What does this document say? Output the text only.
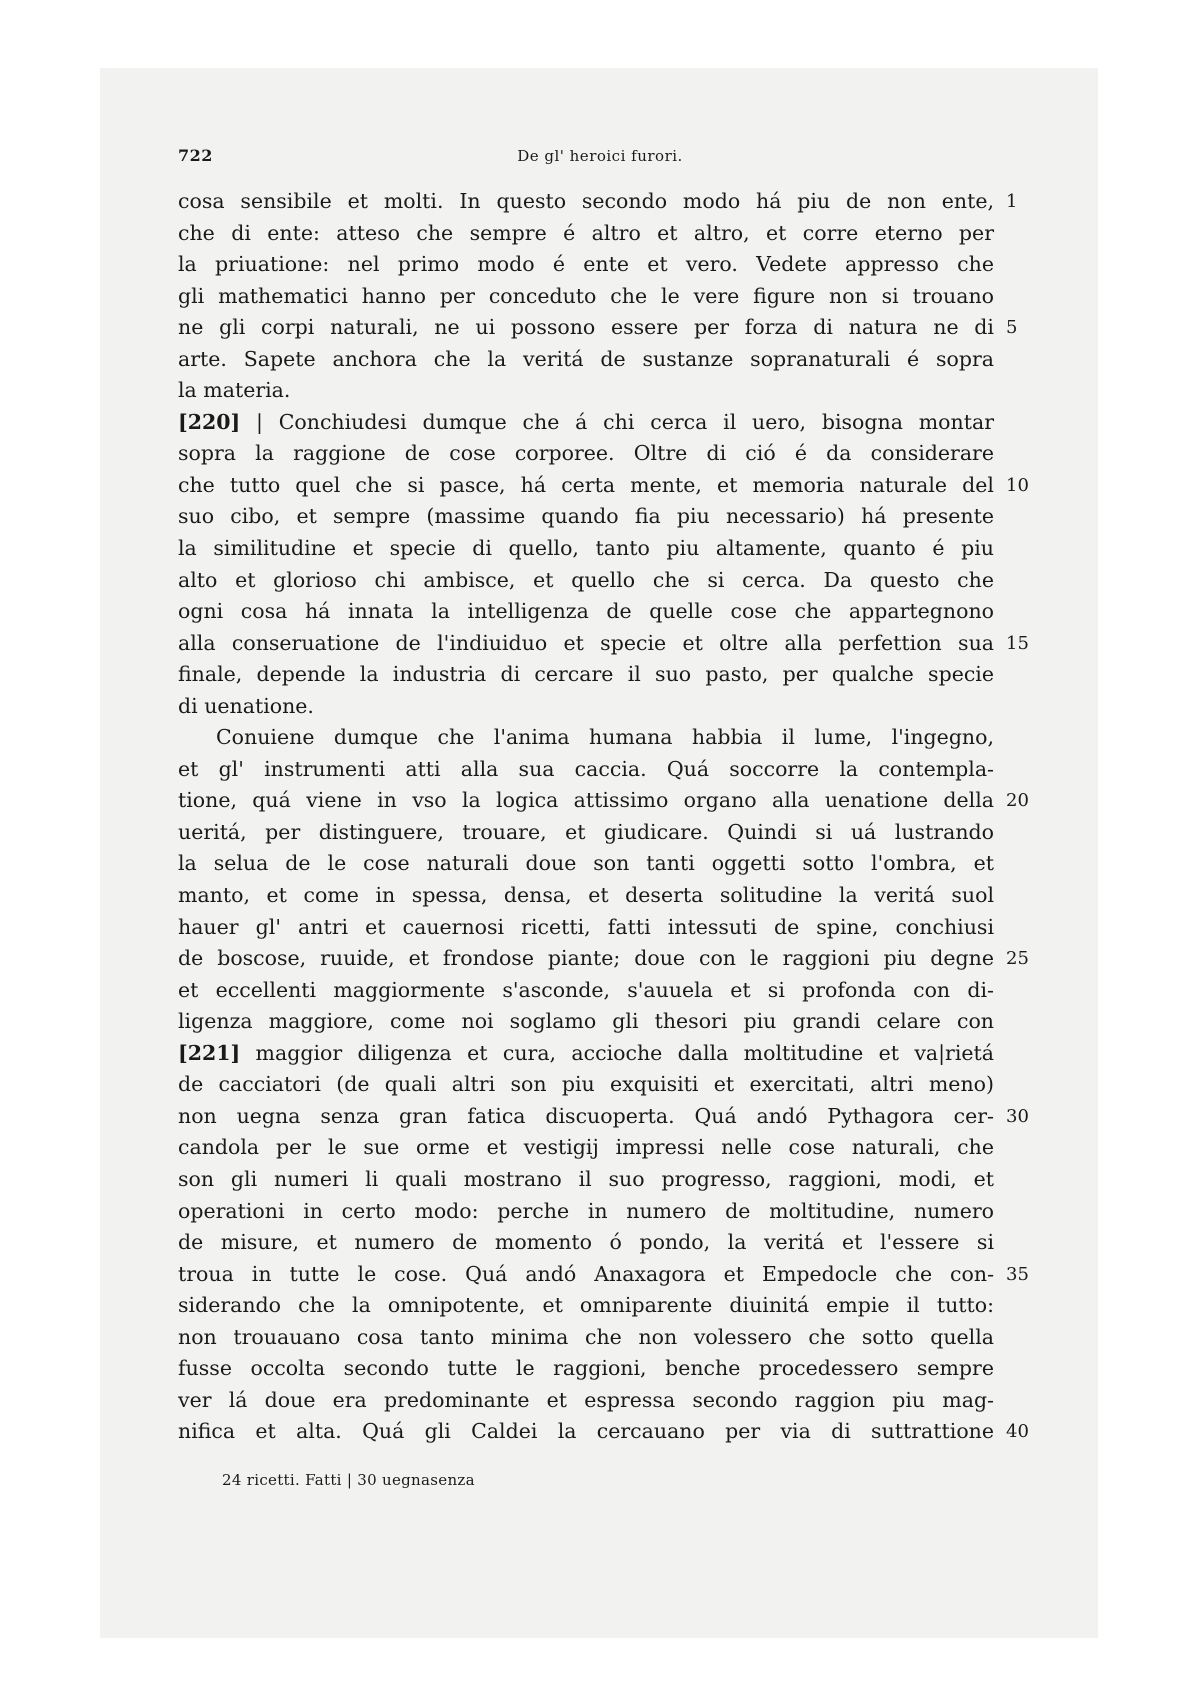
722	De gl' heroici furori.
cosa sensibile et molti. In questo secondo modo há piu de non ente, 1
che di ente: atteso che sempre é altro et altro, et corre eterno per
la priuatione: nel primo modo é ente et vero. Vedete appresso che
gli mathematici hanno per conceduto che le vere figure non si trouano
ne gli corpi naturali, ne ui possono essere per forza di natura ne di 5
arte. Sapete anchora che la veritá de sustanze sopranaturali é sopra
la materia.
[220] | Conchiudesi dumque che á chi cerca il uero, bisogna montar
sopra la raggione de cose corporee. Oltre di ció é da considerare
che tutto quel che si pasce, há certa mente, et memoria naturale del 10
suo cibo, et sempre (massime quando fia piu necessario) há presente
la similitudine et specie di quello, tanto piu altamente, quanto é piu
alto et glorioso chi ambisce, et quello che si cerca. Da questo che
ogni cosa há innata la intelligenza de quelle cose che appartegnono
alla conseruatione de l'indiuiduo et specie et oltre alla perfettion sua 15
finale, depende la industria di cercare il suo pasto, per qualche specie
di uenatione.
Conuiene dumque che l'anima humana habbia il lume, l'ingegno,
et gl' instrumenti atti alla sua caccia. Quá soccorre la contempla-
tione, quá viene in vso la logica attissimo organo alla uenatione della 20
ueritá, per distinguere, trouare, et giudicare. Quindi si uá lustrando
la selua de le cose naturali doue son tanti oggetti sotto l'ombra, et
manto, et come in spessa, densa, et deserta solitudine la veritá suol
hauer gl' antri et cauernosi ricetti, fatti intessuti de spine, conchiusi
de boscose, ruuide, et frondose piante; doue con le raggioni piu degne 25
et eccellenti maggiormente s'asconde, s'auuela et si profonda con di-
ligenza maggiore, come noi soglamo gli thesori piu grandi celare con
[221] maggior diligenza et cura, accioche dalla moltitudine et va|rietá
de cacciatori (de quali altri son piu exquisiti et exercitati, altri meno)
non uegna senza gran fatica discuoperta. Quá andó Pythagora cer- 30
candola per le sue orme et vestigij impressi nelle cose naturali, che
son gli numeri li quali mostrano il suo progresso, raggioni, modi, et
operationi in certo modo: perche in numero de moltitudine, numero
de misure, et numero de momento ó pondo, la veritá et l'essere si
troua in tutte le cose. Quá andó Anaxagora et Empedocle che con- 35
siderando che la omnipotente, et omniparente diuinitá empie il tutto:
non trouauano cosa tanto minima che non volessero che sotto quella
fusse occolta secondo tutte le raggioni, benche procedessero sempre
ver lá doue era predominante et espressa secondo raggion piu mag-
nifica et alta. Quá gli Caldei la cercauano per via di suttrattione 40
24 ricetti. Fatti | 30 uegnasenza
